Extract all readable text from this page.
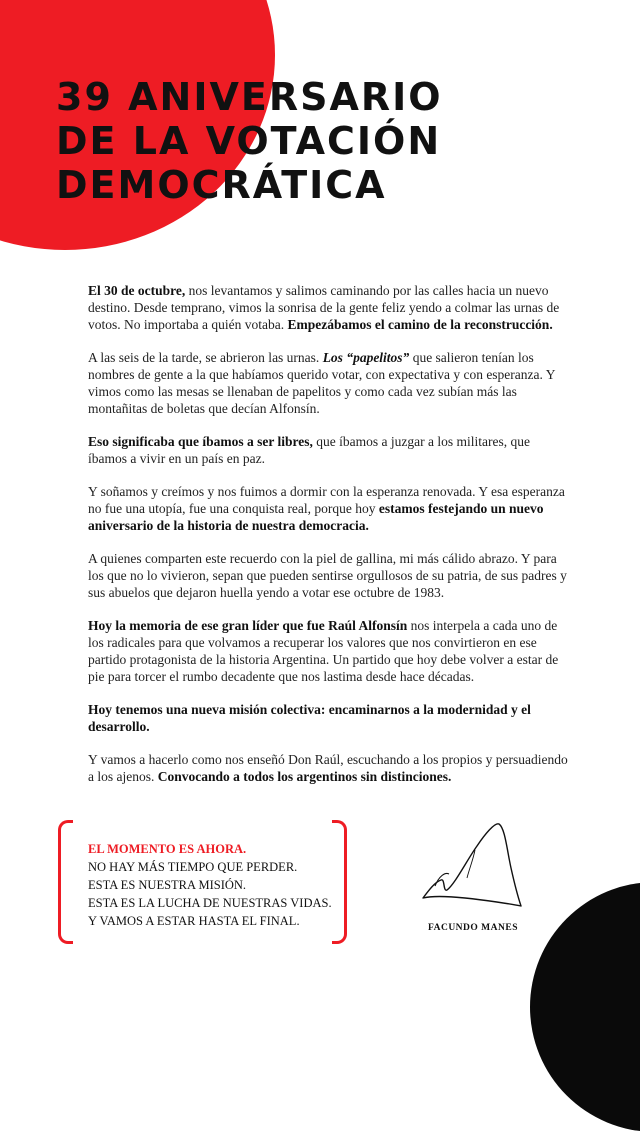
39 ANIVERSARIO
DE LA VOTACIÓN
DEMOCRÁTICA

El 30 de octubre, nos levantamos y salimos caminando por las calles hacia un nuevo destino. Desde temprano, vimos la sonrisa de la gente feliz yendo a colmar las urnas de votos. No importaba a quién votaba. Empezábamos el camino de la reconstrucción.

A las seis de la tarde, se abrieron las urnas. Los “papelitos” que salieron tenían los nombres de gente a la que habíamos querido votar, con expectativa y con esperanza. Y vimos como las mesas se llenaban de papelitos y como cada vez subían más las montañitas de boletas que decían Alfonsín.

Eso significaba que íbamos a ser libres, que íbamos a juzgar a los militares, que íbamos a vivir en un país en paz.

Y soñamos y creímos y nos fuimos a dormir con la esperanza renovada. Y esa esperanza no fue una utopía, fue una conquista real, porque hoy estamos festejando un nuevo aniversario de la historia de nuestra democracia.

A quienes comparten este recuerdo con la piel de gallina, mi más cálido abrazo. Y para los que no lo vivieron, sepan que pueden sentirse orgullosos de su patria, de sus padres y sus abuelos que dejaron huella yendo a votar ese octubre de 1983.

Hoy la memoria de ese gran líder que fue Raúl Alfonsín nos interpela a cada uno de los radicales para que volvamos a recuperar los valores que nos convirtieron en ese partido protagonista de la historia Argentina. Un partido que hoy debe volver a estar de pie para torcer el rumbo decadente que nos lastima desde hace décadas.

Hoy tenemos una nueva misión colectiva: encaminarnos a la modernidad y el desarrollo.

Y vamos a hacerlo como nos enseñó Don Raúl, escuchando a los propios y persuadiendo a los ajenos. Convocando a todos los argentinos sin distinciones.

EL MOMENTO ES AHORA.
NO HAY MÁS TIEMPO QUE PERDER.
ESTA ES NUESTRA MISIÓN.
ESTA ES LA LUCHA DE NUESTRAS VIDAS.
Y VAMOS A ESTAR HASTA EL FINAL.	FACUNDO MANES
